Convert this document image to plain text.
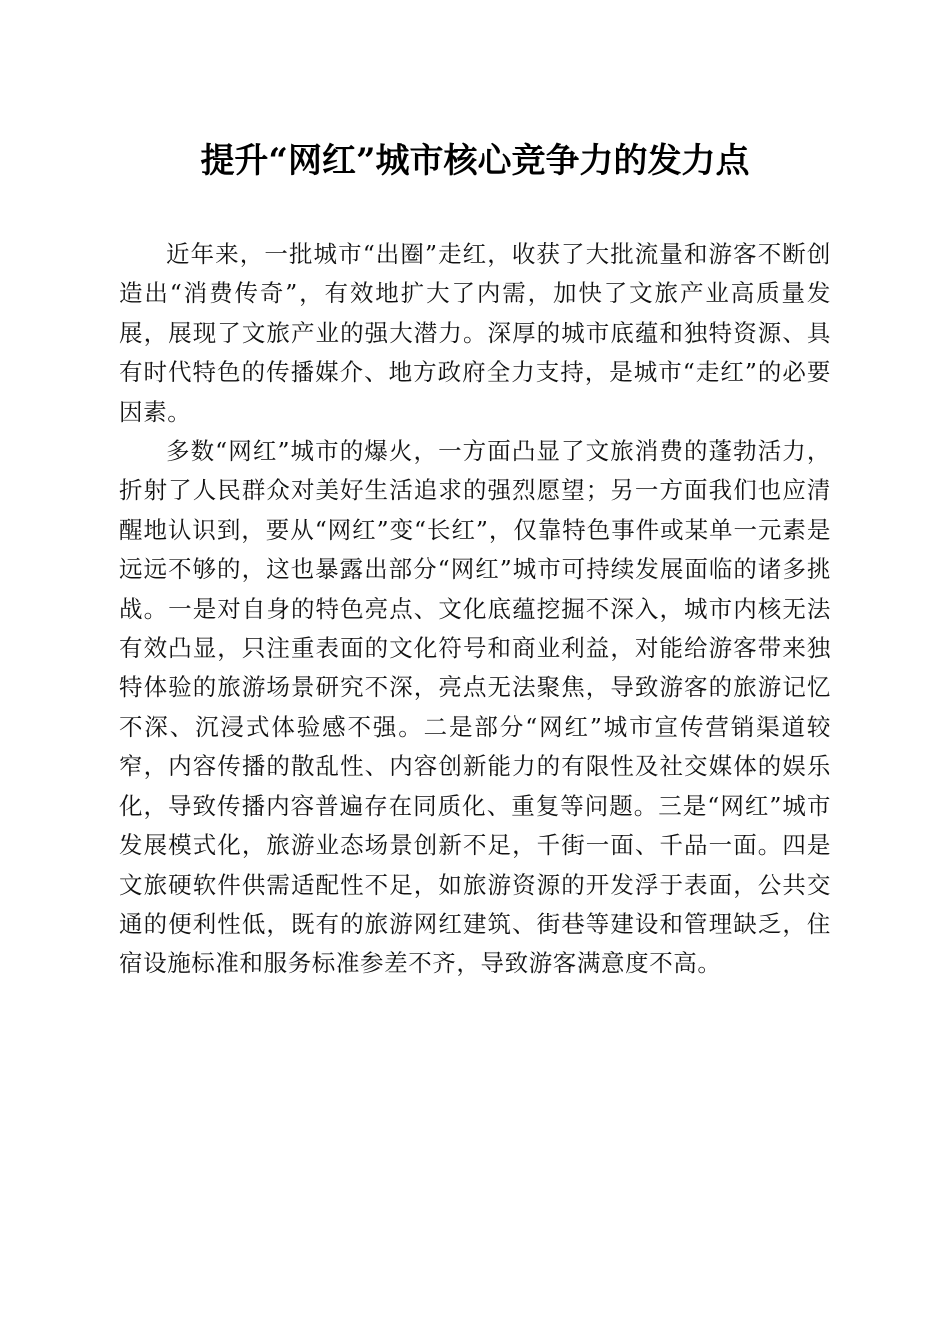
提升“网红”城市核心竞争力的发力点

近年来，一批城市“出圈”走红，收获了大批流量和游客不断创造出“消费传奇”，有效地扩大了内需，加快了文旅产业高质量发展，展现了文旅产业的强大潜力。深厚的城市底蕴和独特资源、具有时代特色的传播媒介、地方政府全力支持，是城市“走红”的必要因素。

多数“网红”城市的爆火，一方面凸显了文旅消费的蓬勃活力，折射了人民群众对美好生活追求的强烈愿望；另一方面我们也应清醒地认识到，要从“网红”变“长红”，仅靠特色事件或某单一元素是远远不够的，这也暴露出部分“网红”城市可持续发展面临的诸多挑战。一是对自身的特色亮点、文化底蕴挖掘不深入，城市内核无法有效凸显，只注重表面的文化符号和商业利益，对能给游客带来独特体验的旅游场景研究不深，亮点无法聚焦，导致游客的旅游记忆不深、沉浸式体验感不强。二是部分“网红”城市宣传营销渠道较窄，内容传播的散乱性、内容创新能力的有限性及社交媒体的娱乐化，导致传播内容普遍存在同质化、重复等问题。三是“网红”城市发展模式化，旅游业态场景创新不足，千街一面、千品一面。四是文旅硬软件供需适配性不足，如旅游资源的开发浮于表面，公共交通的便利性低，既有的旅游网红建筑、街巷等建设和管理缺乏，住宿设施标准和服务标准参差不齐，导致游客满意度不高。
